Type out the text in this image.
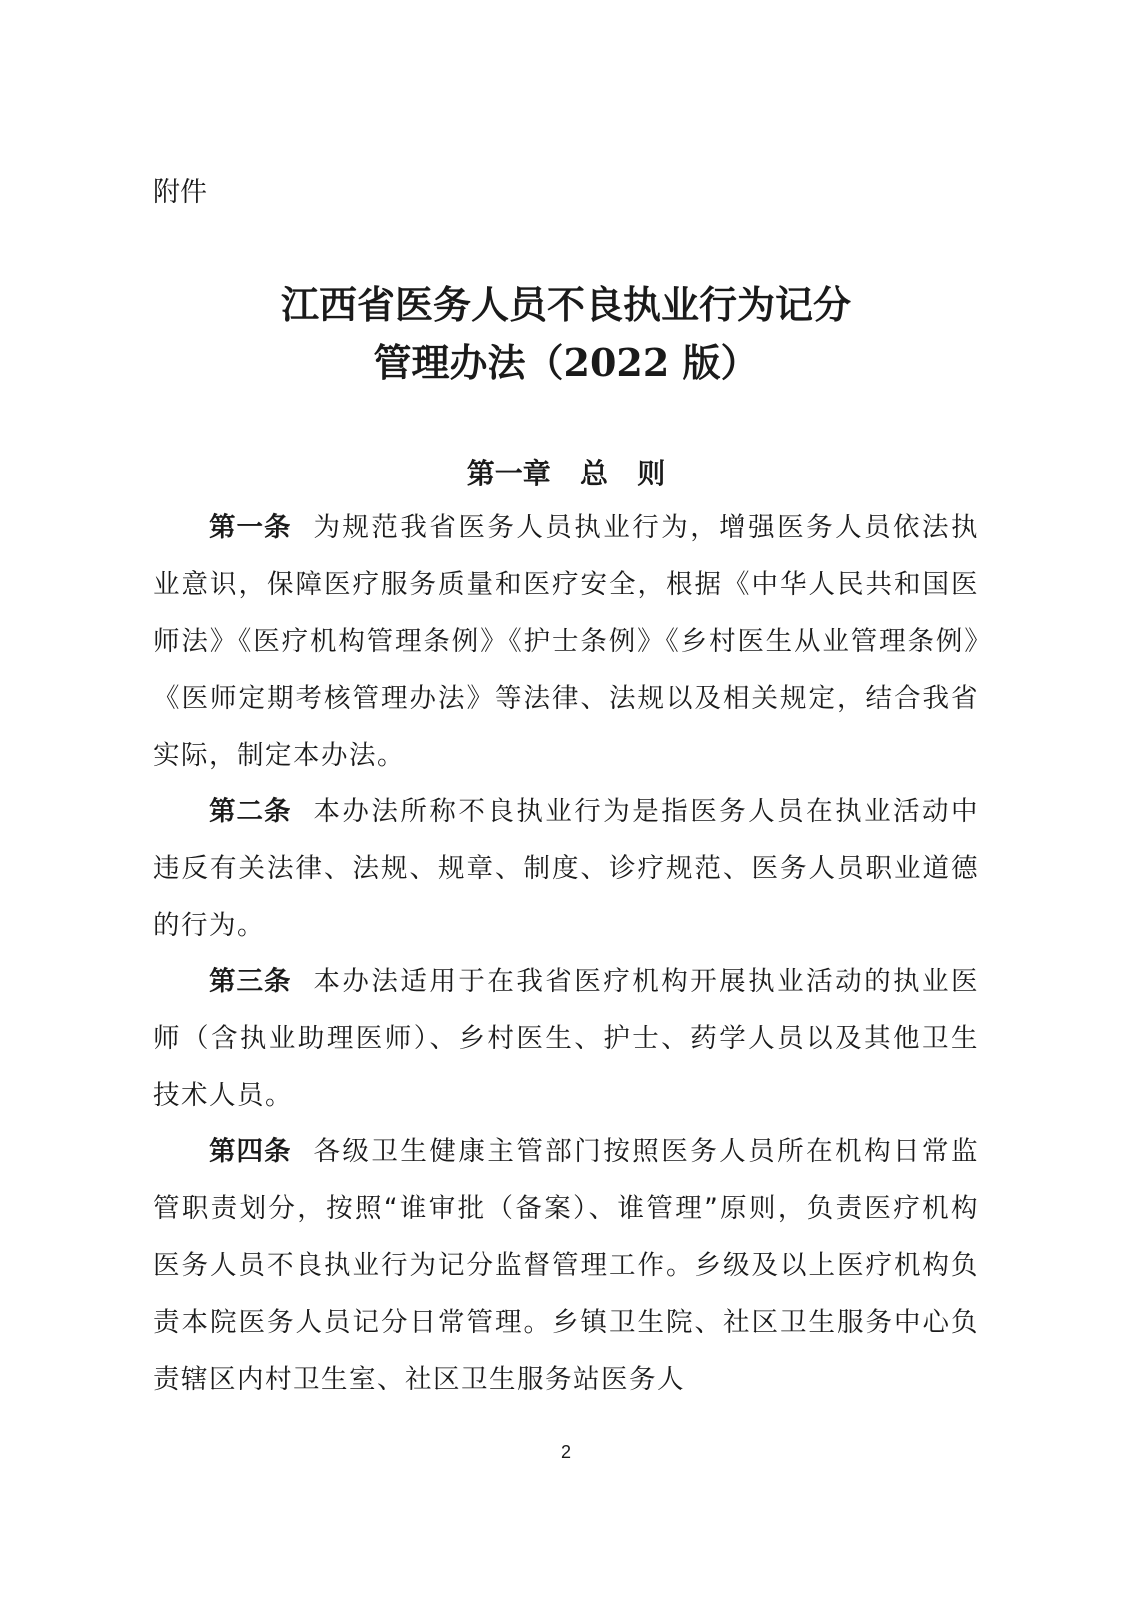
附件
江西省医务人员不良执业行为记分
管理办法（2022 版）
第一章   总   则

第一条 为规范我省医务人员执业行为，增强医务人员依法执业意识，保障医疗服务质量和医疗安全，根据《中华人民共和国医师法》《医疗机构管理条例》《护士条例》《乡村医生从业管理条例》《医师定期考核管理办法》等法律、法规以及相关规定，结合我省实际，制定本办法。

第二条 本办法所称不良执业行为是指医务人员在执业活动中违反有关法律、法规、规章、制度、诊疗规范、医务人员职业道德的行为。

第三条 本办法适用于在我省医疗机构开展执业活动的执业医师（含执业助理医师）、乡村医生、护士、药学人员以及其他卫生技术人员。

第四条 各级卫生健康主管部门按照医务人员所在机构日常监管职责划分，按照“谁审批（备案）、谁管理”原则，负责医疗机构医务人员不良执业行为记分监督管理工作。乡级及以上医疗机构负责本院医务人员记分日常管理。乡镇卫生院、社区卫生服务中心负责辖区内村卫生室、社区卫生服务站医务人

2
